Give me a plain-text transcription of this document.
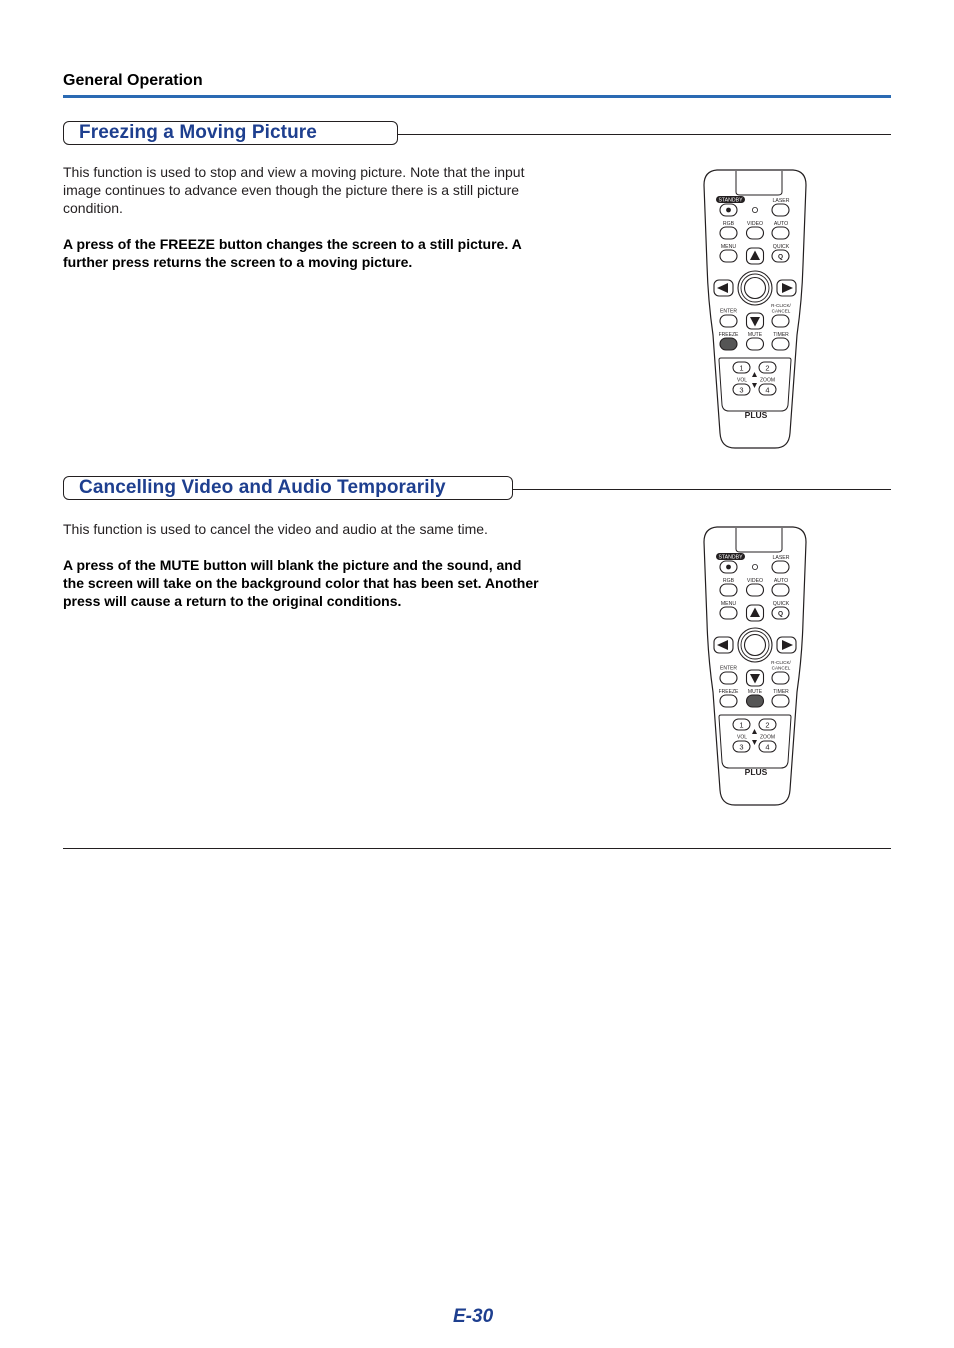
General Operation
Freezing a Moving Picture

This function is used to stop and view a moving picture. Note that the input image continues to advance even though the picture there is a still picture condition.

A press of the FREEZE button changes the screen to a still picture. A further press returns the screen to a moving picture.

STANDBY	LASER
RGB VIDEO AUTO
MENU	QUICK
Q
ENTER
R-CLICK/
CANCEL
FREEZE MUTE TIMER
1	2
VOL	ZOOM
3	4
PLUS
Cancelling Video and Audio Temporarily

This function is used to cancel the video and audio at the same time.

A press of the MUTE button will blank the picture and the sound, and the screen will take on the background color that has been set. Another press will cause a return to the original conditions.

STANDBY	LASER
RGB VIDEO AUTO
MENU	QUICK
Q
ENTER
R-CLICK/
CANCEL
FREEZE MUTE TIMER
1	2
VOL	ZOOM
3	4
PLUS
E-30
